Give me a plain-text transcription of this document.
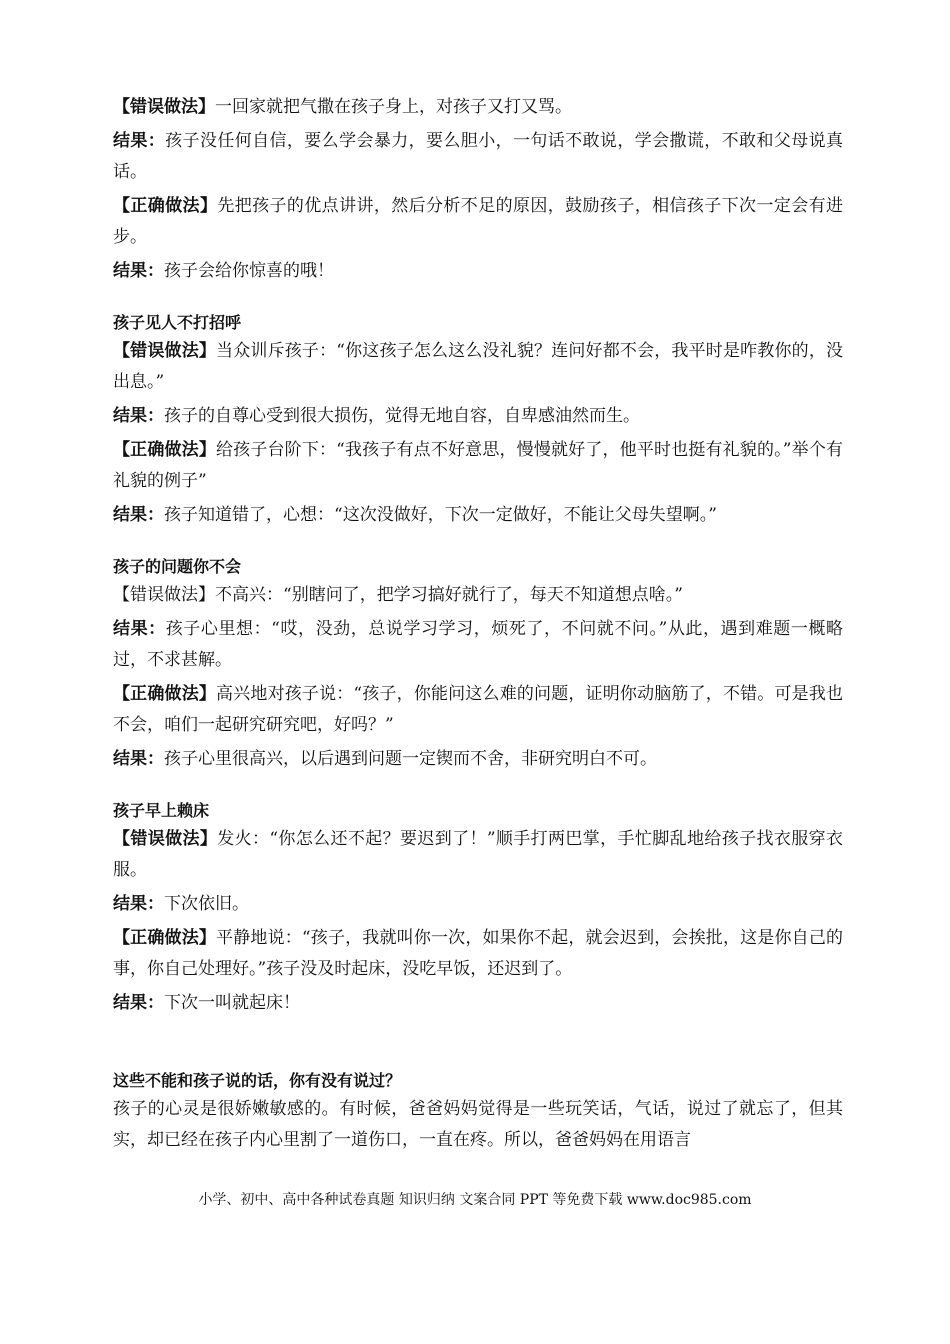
【错误做法】一回家就把气撒在孩子身上，对孩子又打又骂。

结果：孩子没任何自信，要么学会暴力，要么胆小，一句话不敢说，学会撒谎，不敢和父母说真话。

【正确做法】先把孩子的优点讲讲，然后分析不足的原因，鼓励孩子，相信孩子下次一定会有进步。

结果：孩子会给你惊喜的哦！

孩子见人不打招呼

【错误做法】当众训斥孩子：“你这孩子怎么这么没礼貌？连问好都不会，我平时是咋教你的，没出息。”

结果：孩子的自尊心受到很大损伤，觉得无地自容，自卑感油然而生。

【正确做法】给孩子台阶下：“我孩子有点不好意思，慢慢就好了，他平时也挺有礼貌的。”举个有礼貌的例子”

结果：孩子知道错了，心想：“这次没做好，下次一定做好，不能让父母失望啊。”

孩子的问题你不会

【错误做法】不高兴：“别瞎问了，把学习搞好就行了，每天不知道想点啥。”

结果：孩子心里想：“哎，没劲，总说学习学习，烦死了，不问就不问。”从此，遇到难题一概略过，不求甚解。

【正确做法】高兴地对孩子说：“孩子，你能问这么难的问题，证明你动脑筋了，不错。可是我也不会，咱们一起研究研究吧，好吗？”

结果：孩子心里很高兴，以后遇到问题一定锲而不舍，非研究明白不可。

孩子早上赖床

【错误做法】发火：“你怎么还不起？要迟到了！”顺手打两巴掌，手忙脚乱地给孩子找衣服穿衣服。

结果：下次依旧。

【正确做法】平静地说：“孩子，我就叫你一次，如果你不起，就会迟到，会挨批，这是你自己的事，你自己处理好。”孩子没及时起床，没吃早饭，还迟到了。

结果：下次一叫就起床！

这些不能和孩子说的话，你有没有说过？

孩子的心灵是很娇嫩敏感的。有时候，爸爸妈妈觉得是一些玩笑话，气话，说过了就忘了，但其实，却已经在孩子内心里割了一道伤口，一直在疼。所以，爸爸妈妈在用语言

小学、初中、高中各种试卷真题 知识归纳 文案合同 PPT 等免费下载 www.doc985.com
